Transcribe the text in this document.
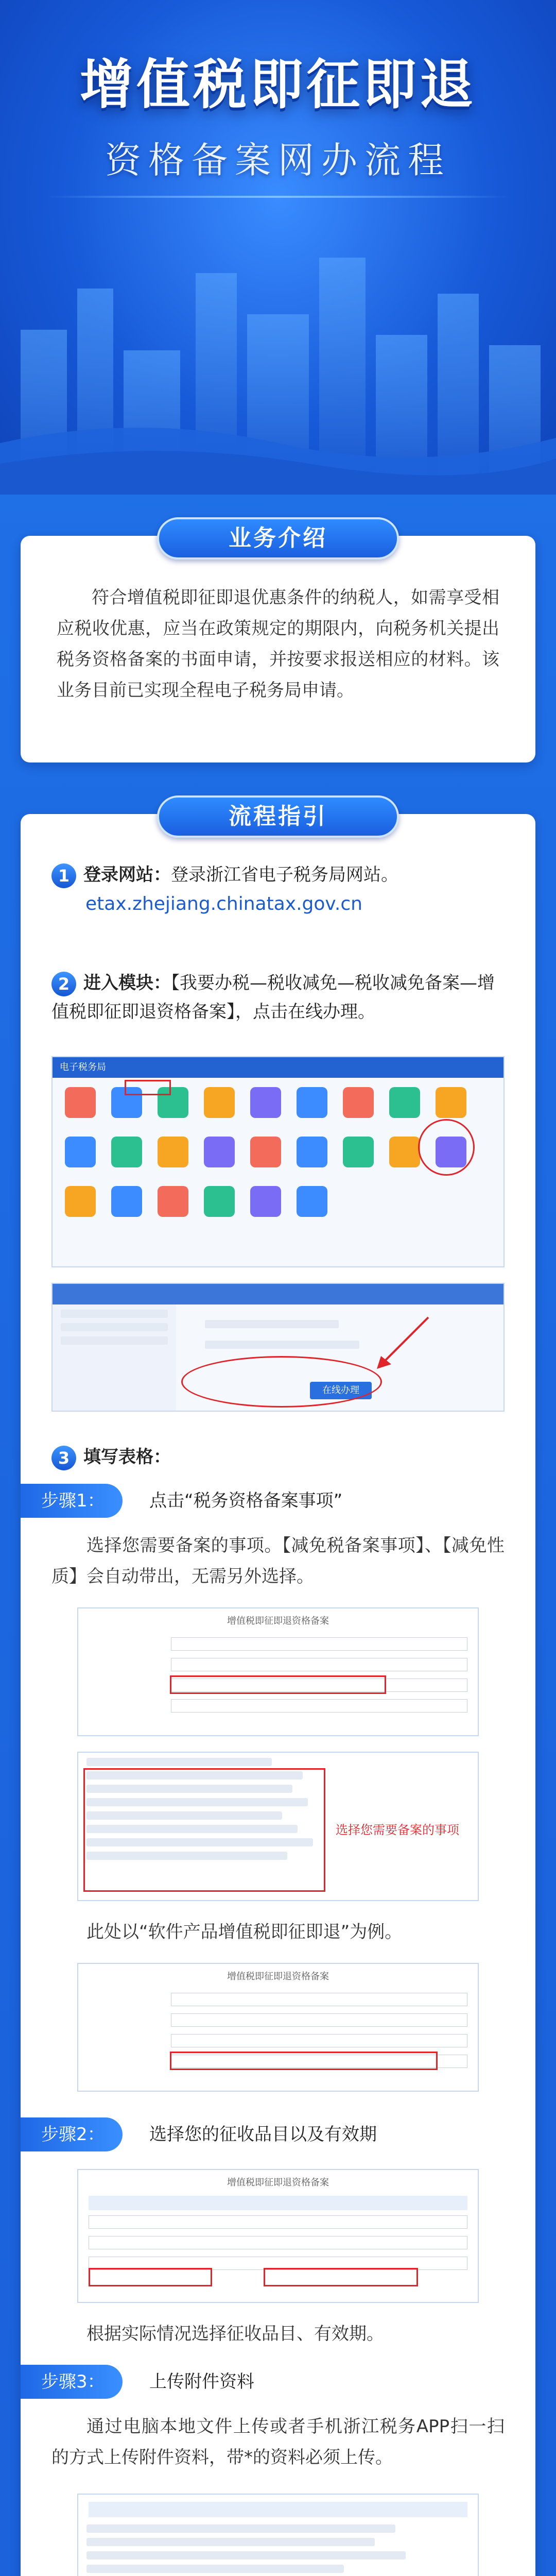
增值税即征即退
资格备案网办流程
业务介绍

符合增值税即征即退优惠条件的纳税人，如需享受相应税收优惠，应当在政策规定的期限内，向税务机关提出税务资格备案的书面申请，并按要求报送相应的材料。该业务目前已实现全程电子税务局申请。

流程指引
1 登录网站：登录浙江省电子税务局网站。
etax.zhejiang.chinatax.gov.cn
2 进入模块：【我要办税—税收减免—税收减免备案—增值税即征即退资格备案】，点击在线办理。
电子税务局
在线办理
3 填写表格：
步骤1：	点击“税务资格备案事项”

选择您需要备案的事项。【减免税备案事项】、【减免性质】会自动带出，无需另外选择。

增值税即征即退资格备案
选择您需要备案的事项

此处以“软件产品增值税即征即退”为例。

增值税即征即退资格备案
步骤2：	选择您的征收品目以及有效期
增值税即征即退资格备案

根据实际情况选择征收品目、有效期。

步骤3：	上传附件资料

通过电脑本地文件上传或者手机浙江税务APP扫一扫的方式上传附件资料，带*的资料必须上传。
